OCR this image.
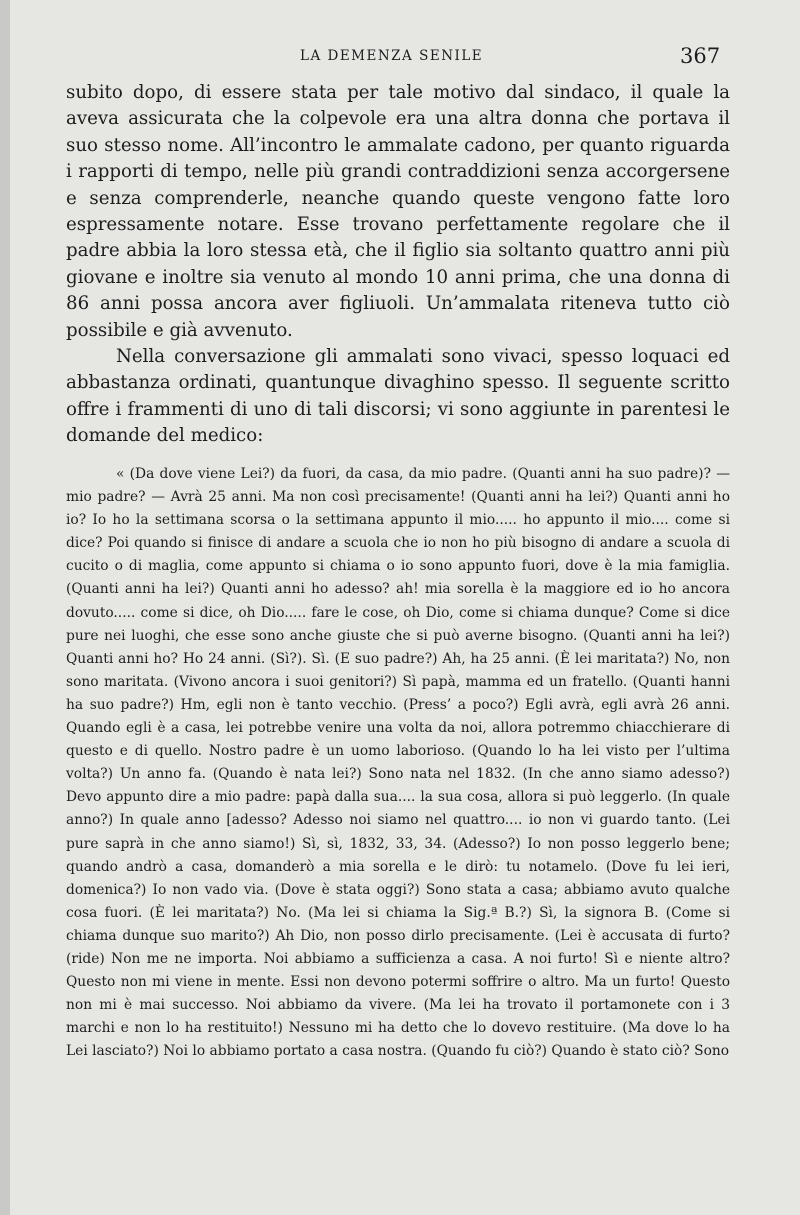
LA DEMENZA SENILE	367

subito dopo, di essere stata per tale motivo dal sindaco, il quale la aveva assicurata che la colpevole era una altra donna che portava il suo stesso nome. All’incontro le ammalate cadono, per quanto riguarda i rapporti di tempo, nelle più grandi contraddizioni senza accorgersene e senza comprenderle, neanche quando queste vengono fatte loro espressamente notare. Esse trovano perfettamente regolare che il padre abbia la loro stessa età, che il figlio sia soltanto quattro anni più giovane e inoltre sia venuto al mondo 10 anni prima, che una donna di 86 anni possa ancora aver figliuoli. Un’ammalata riteneva tutto ciò possibile e già avvenuto.

Nella conversazione gli ammalati sono vivaci, spesso loquaci ed abbastanza ordinati, quantunque divaghino spesso. Il seguente scritto offre i frammenti di uno di tali discorsi; vi sono aggiunte in parentesi le domande del medico:

« (Da dove viene Lei?) da fuori, da casa, da mio padre. (Quanti anni ha suo padre)? — mio padre? — Avrà 25 anni. Ma non così precisamente! (Quanti anni ha lei?) Quanti anni ho io? Io ho la settimana scorsa o la settimana appunto il mio..... ho appunto il mio.... come si dice? Poi quando si finisce di andare a scuola che io non ho più bisogno di andare a scuola di cucito o di maglia, come appunto si chiama o io sono appunto fuori, dove è la mia famiglia. (Quanti anni ha lei?) Quanti anni ho adesso? ah! mia sorella è la maggiore ed io ho ancora dovuto..... come si dice, oh Dio..... fare le cose, oh Dio, come si chiama dunque? Come si dice pure nei luoghi, che esse sono anche giuste che si può averne bisogno. (Quanti anni ha lei?) Quanti anni ho? Ho 24 anni. (Sì?). Sì. (E suo padre?) Ah, ha 25 anni. (È lei maritata?) No, non sono maritata. (Vivono ancora i suoi genitori?) Sì papà, mamma ed un fratello. (Quanti hanni ha suo padre?) Hm, egli non è tanto vecchio. (Press’ a poco?) Egli avrà, egli avrà 26 anni. Quando egli è a casa, lei potrebbe venire una volta da noi, allora potremmo chiacchierare di questo e di quello. Nostro padre è un uomo laborioso. (Quando lo ha lei visto per l’ultima volta?) Un anno fa. (Quando è nata lei?) Sono nata nel 1832. (In che anno siamo adesso?) Devo appunto dire a mio padre: papà dalla sua.... la sua cosa, allora si può leggerlo. (In quale anno?) In quale anno [adesso? Adesso noi siamo nel quattro.... io non vi guardo tanto. (Lei pure saprà in che anno siamo!) Sì, sì, 1832, 33, 34. (Adesso?) Io non posso leggerlo bene; quando andrò a casa, domanderò a mia sorella e le dirò: tu notamelo. (Dove fu lei ieri, domenica?) Io non vado via. (Dove è stata oggi?) Sono stata a casa; abbiamo avuto qualche cosa fuori. (È lei maritata?) No. (Ma lei si chiama la Sig.ª B.?) Sì, la signora B. (Come si chiama dunque suo marito?) Ah Dio, non posso dirlo precisamente. (Lei è accusata di furto? (ride) Non me ne importa. Noi abbiamo a sufficienza a casa. A noi furto! Sì e niente altro? Questo non mi viene in mente. Essi non devono potermi soffrire o altro. Ma un furto! Questo non mi è mai successo. Noi abbiamo da vivere. (Ma lei ha trovato il portamonete con i 3 marchi e non lo ha restituito!) Nessuno mi ha detto che lo dovevo restituire. (Ma dove lo ha Lei lasciato?) Noi lo abbiamo portato a casa nostra. (Quando fu ciò?) Quando è stato ciò? Sono
